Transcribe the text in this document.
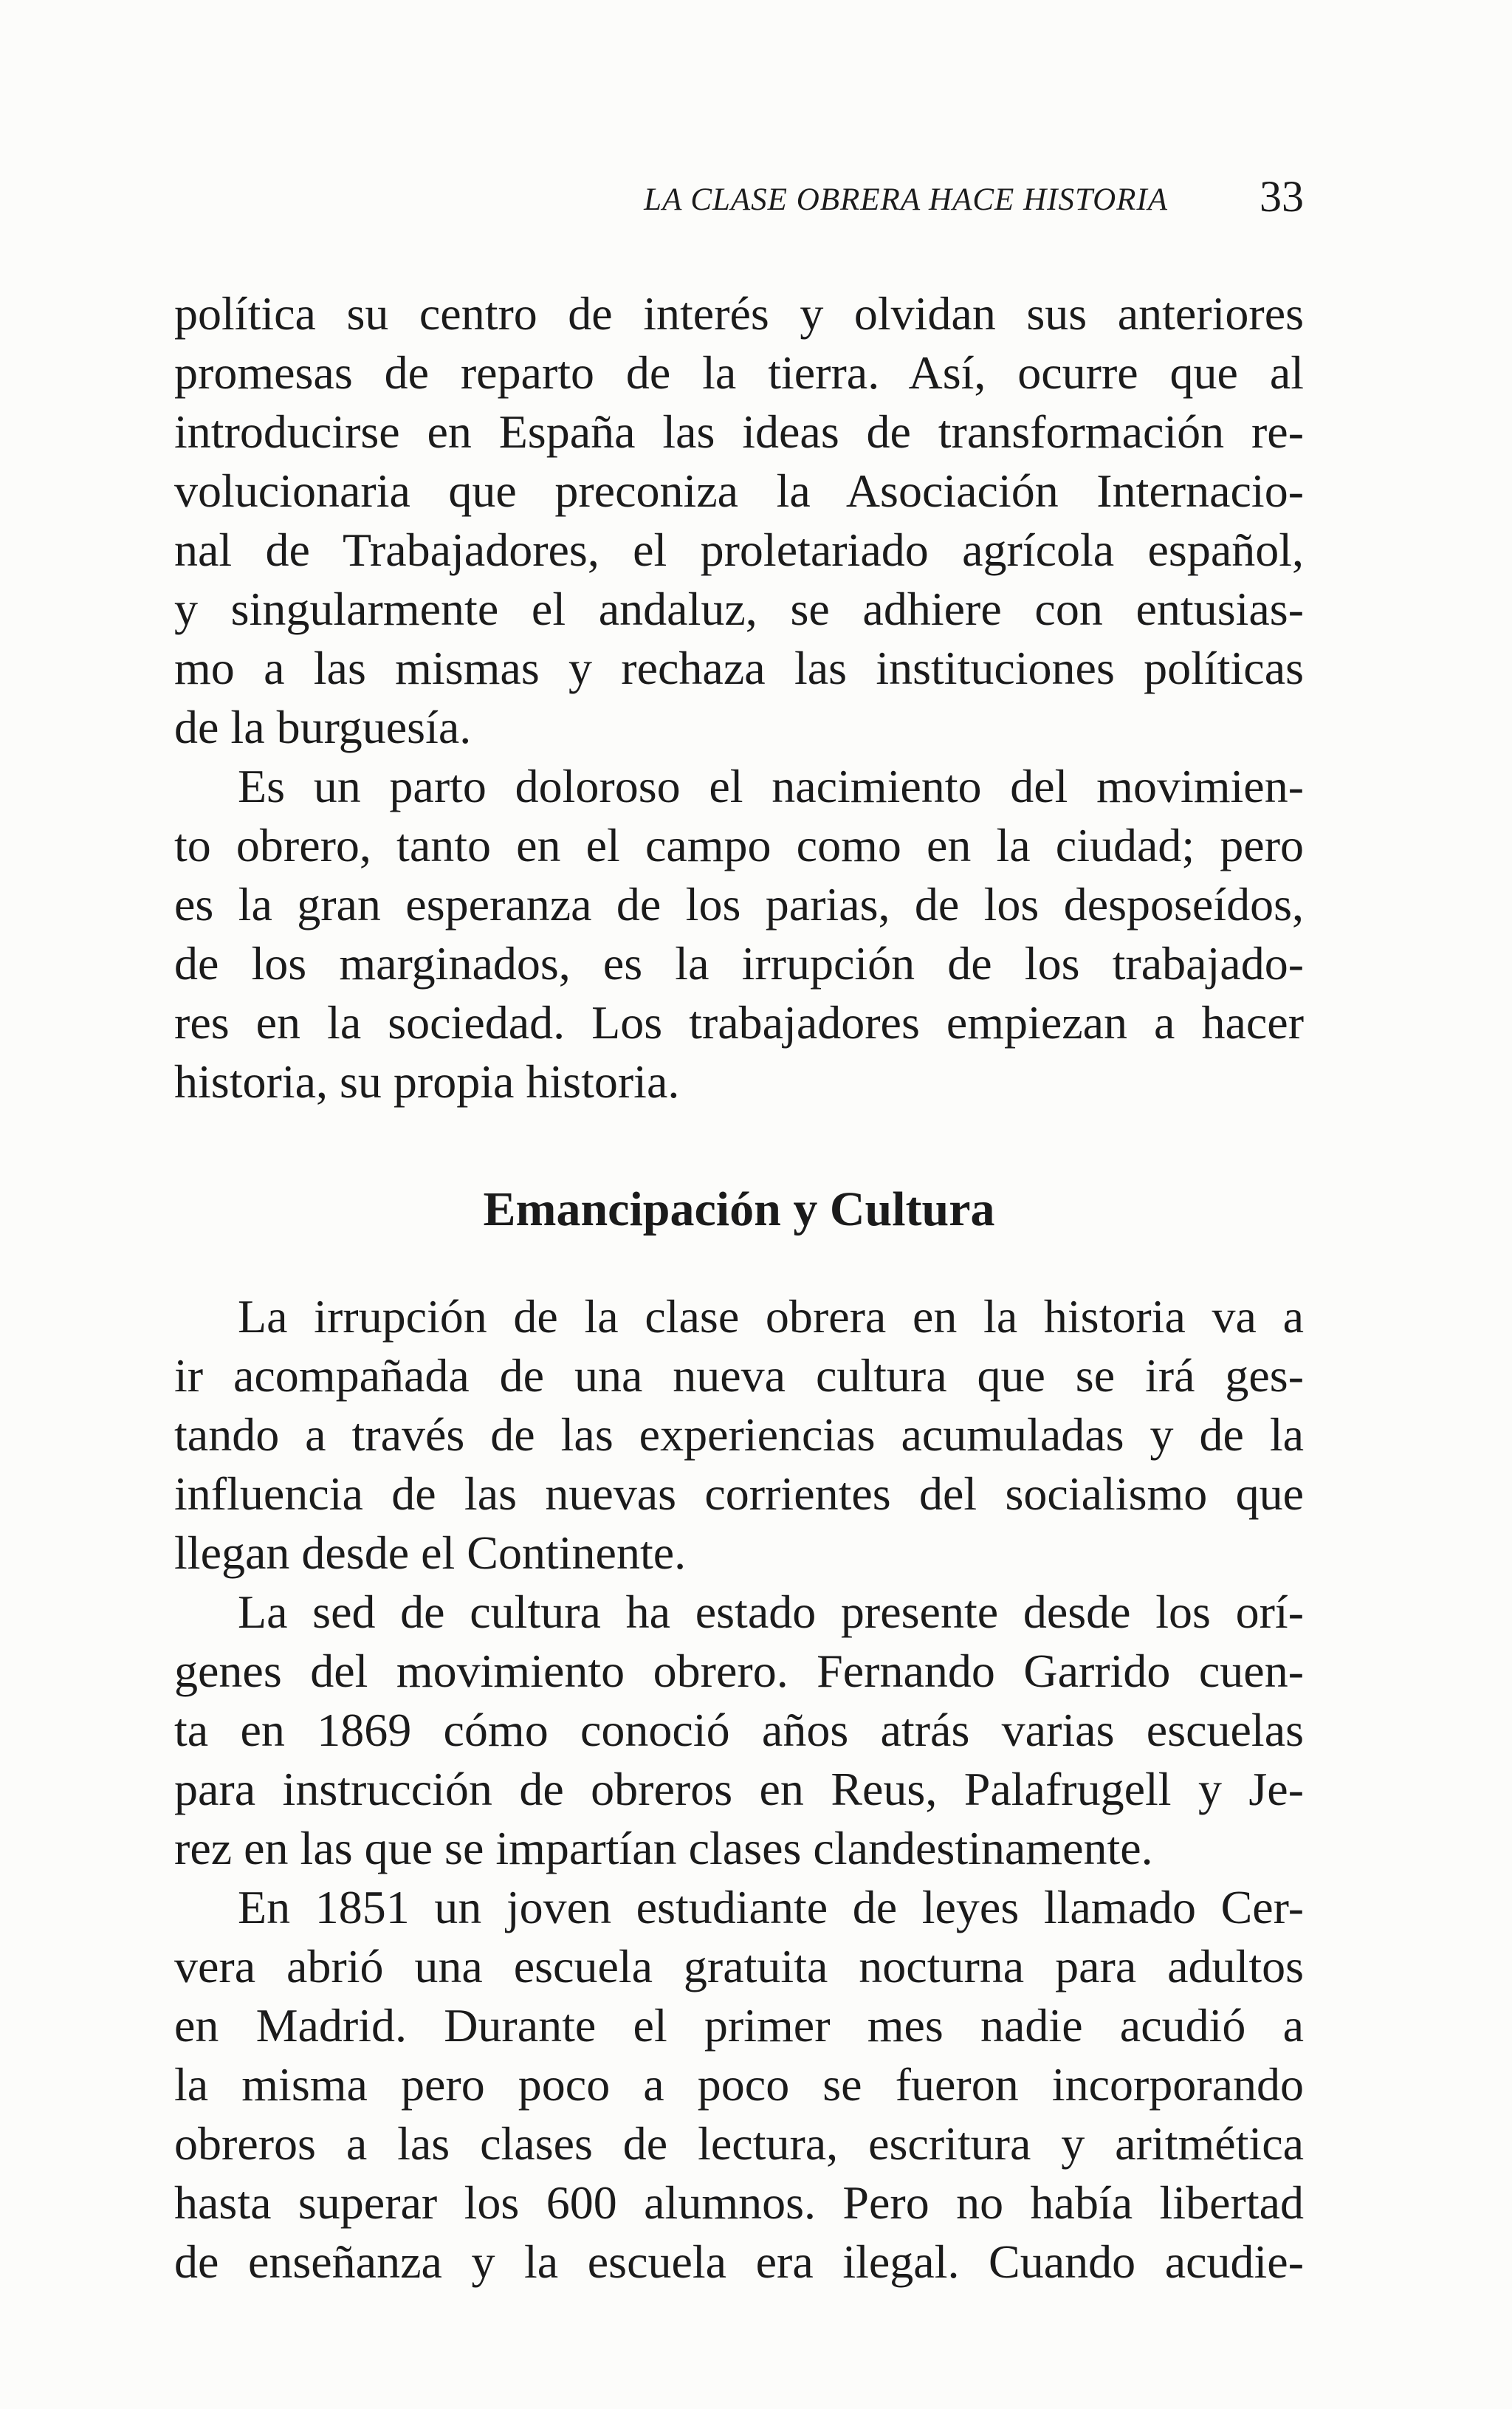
LA CLASE OBRERA HACE HISTORIA 33
política su centro de interés y olvidan sus anteriores
promesas de reparto de la tierra. Así, ocurre que al
introducirse en España las ideas de transformación re-
volucionaria que preconiza la Asociación Internacio-
nal de Trabajadores, el proletariado agrícola español,
y singularmente el andaluz, se adhiere con entusias-
mo a las mismas y rechaza las instituciones políticas
de la burguesía.
Es un parto doloroso el nacimiento del movimien-
to obrero, tanto en el campo como en la ciudad; pero
es la gran esperanza de los parias, de los desposeídos,
de los marginados, es la irrupción de los trabajado-
res en la sociedad. Los trabajadores empiezan a hacer
historia, su propia historia.
Emancipación y Cultura
La irrupción de la clase obrera en la historia va a
ir acompañada de una nueva cultura que se irá ges-
tando a través de las experiencias acumuladas y de la
influencia de las nuevas corrientes del socialismo que
llegan desde el Continente.
La sed de cultura ha estado presente desde los orí-
genes del movimiento obrero. Fernando Garrido cuen-
ta en 1869 cómo conoció años atrás varias escuelas
para instrucción de obreros en Reus, Palafrugell y Je-
rez en las que se impartían clases clandestinamente.
En 1851 un joven estudiante de leyes llamado Cer-
vera abrió una escuela gratuita nocturna para adultos
en Madrid. Durante el primer mes nadie acudió a
la misma pero poco a poco se fueron incorporando
obreros a las clases de lectura, escritura y aritmética
hasta superar los 600 alumnos. Pero no había libertad
de enseñanza y la escuela era ilegal. Cuando acudie-
